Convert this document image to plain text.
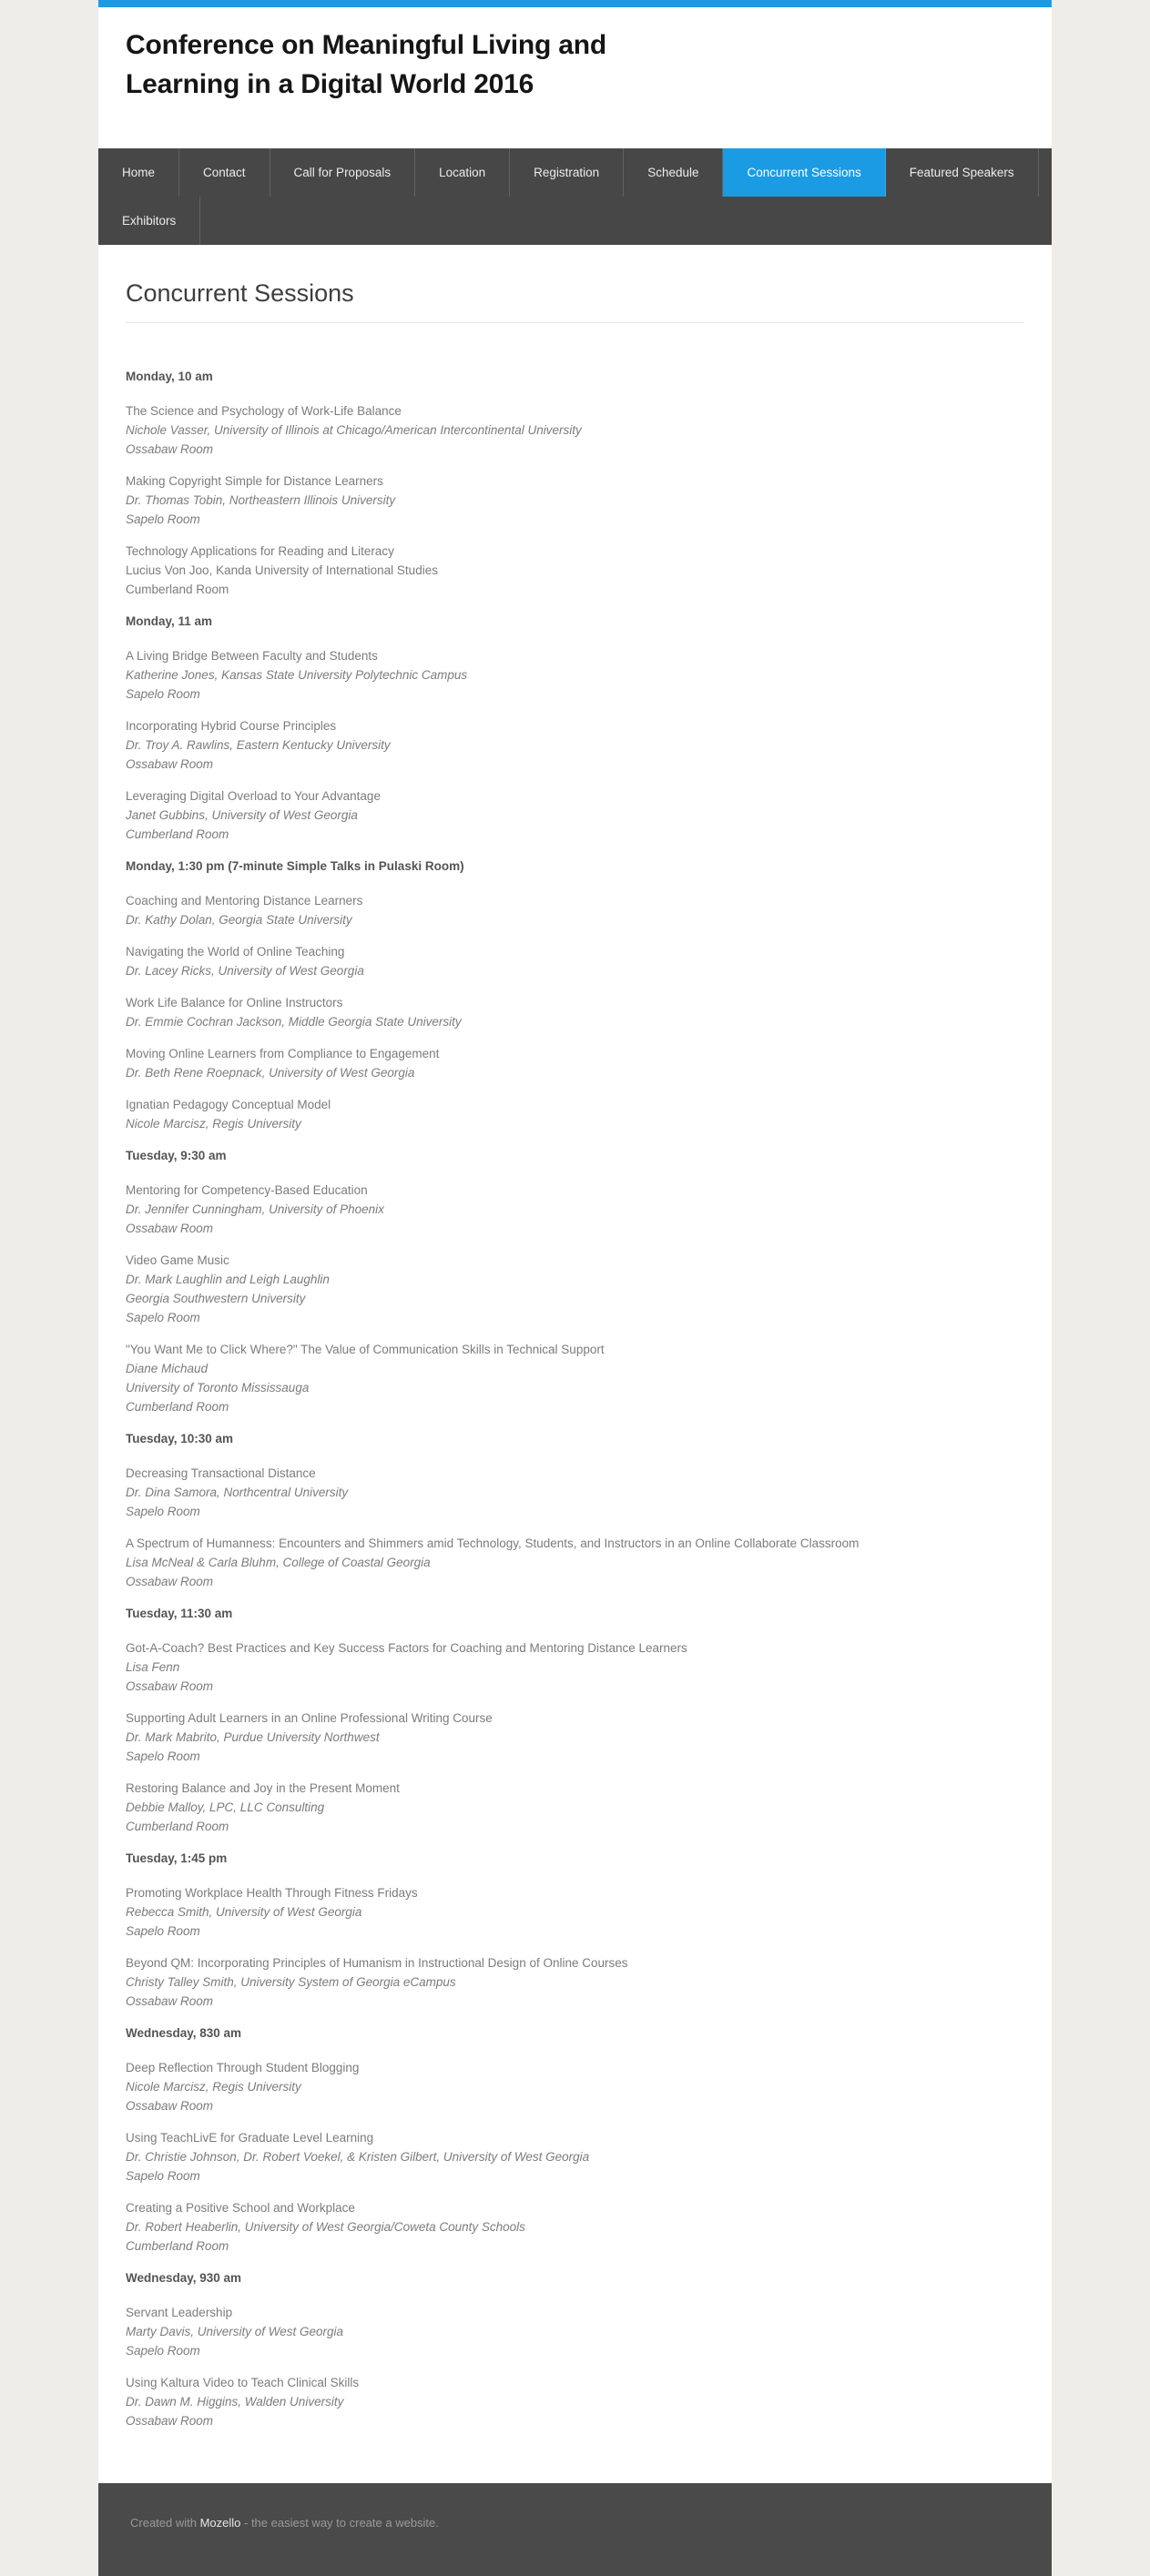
Conference on Meaningful Living and
Learning in a Digital World 2016
Home	Contact	Call for Proposals	Location	Registration	Schedule	Concurrent Sessions	Featured Speakers
Exhibitors
Concurrent Sessions

Monday, 10 am

The Science and Psychology of Work-Life Balance
Nichole Vasser, University of Illinois at Chicago/American Intercontinental University
Ossabaw Room

Making Copyright Simple for Distance Learners
Dr. Thomas Tobin, Northeastern Illinois University
Sapelo Room

Technology Applications for Reading and Literacy
Lucius Von Joo, Kanda University of International Studies
Cumberland Room

Monday, 11 am

A Living Bridge Between Faculty and Students
Katherine Jones, Kansas State University Polytechnic Campus
Sapelo Room

Incorporating Hybrid Course Principles
Dr. Troy A. Rawlins, Eastern Kentucky University
Ossabaw Room

Leveraging Digital Overload to Your Advantage
Janet Gubbins, University of West Georgia
Cumberland Room

Monday, 1:30 pm (7-minute Simple Talks in Pulaski Room)

Coaching and Mentoring Distance Learners
Dr. Kathy Dolan, Georgia State University

Navigating the World of Online Teaching
Dr. Lacey Ricks, University of West Georgia

Work Life Balance for Online Instructors
Dr. Emmie Cochran Jackson, Middle Georgia State University

Moving Online Learners from Compliance to Engagement
Dr. Beth Rene Roepnack, University of West Georgia

Ignatian Pedagogy Conceptual Model
Nicole Marcisz, Regis University

Tuesday, 9:30 am

Mentoring for Competency-Based Education
Dr. Jennifer Cunningham, University of Phoenix
Ossabaw Room

Video Game Music
Dr. Mark Laughlin and Leigh Laughlin
Georgia Southwestern University
Sapelo Room

"You Want Me to Click Where?" The Value of Communication Skills in Technical Support
Diane Michaud
University of Toronto Mississauga
Cumberland Room

Tuesday, 10:30 am

Decreasing Transactional Distance
Dr. Dina Samora, Northcentral University
Sapelo Room

A Spectrum of Humanness: Encounters and Shimmers amid Technology, Students, and Instructors in an Online Collaborate Classroom
Lisa McNeal & Carla Bluhm, College of Coastal Georgia
Ossabaw Room

Tuesday, 11:30 am

Got-A-Coach? Best Practices and Key Success Factors for Coaching and Mentoring Distance Learners
Lisa Fenn
Ossabaw Room

Supporting Adult Learners in an Online Professional Writing Course
Dr. Mark Mabrito, Purdue University Northwest
Sapelo Room

Restoring Balance and Joy in the Present Moment
Debbie Malloy, LPC, LLC Consulting
Cumberland Room

Tuesday, 1:45 pm

Promoting Workplace Health Through Fitness Fridays
Rebecca Smith, University of West Georgia
Sapelo Room

Beyond QM: Incorporating Principles of Humanism in Instructional Design of Online Courses
Christy Talley Smith, University System of Georgia eCampus
Ossabaw Room

Wednesday, 830 am

Deep Reflection Through Student Blogging
Nicole Marcisz, Regis University
Ossabaw Room

Using TeachLivE for Graduate Level Learning
Dr. Christie Johnson, Dr. Robert Voekel, & Kristen Gilbert, University of West Georgia
Sapelo Room

Creating a Positive School and Workplace
Dr. Robert Heaberlin, University of West Georgia/Coweta County Schools
Cumberland Room

Wednesday, 930 am

Servant Leadership
Marty Davis, University of West Georgia
Sapelo Room

Using Kaltura Video to Teach Clinical Skills
Dr. Dawn M. Higgins, Walden University
Ossabaw Room

Created with Mozello - the easiest way to create a website.
